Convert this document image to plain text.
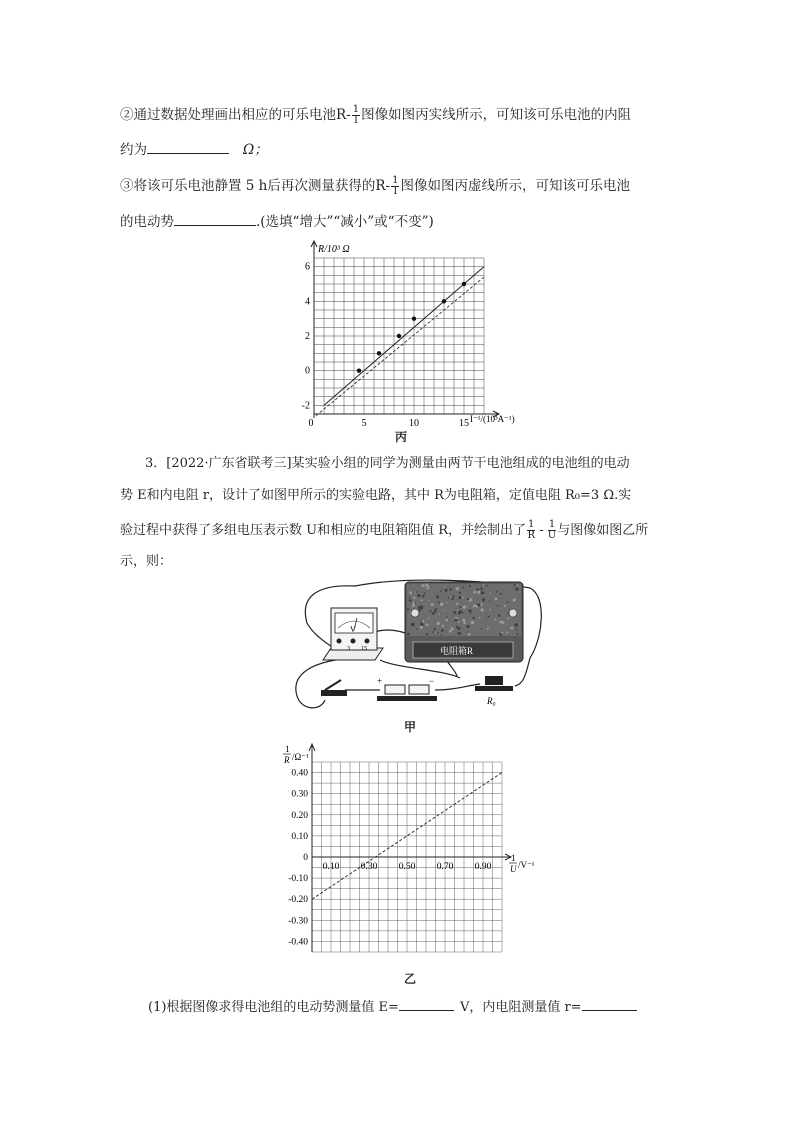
②通过数据处理画出相应的可乐电池$R- \frac{1}{I}$ 图像如图丙实线所示，可知该可乐电池的内阻
约为	Ω；
③将该可乐电池静置 5 h后再次测量获得的$R- \frac{1}{I}$ 图像如图丙虚线所示，可知该可乐电池
的电动势	.(选填“增大”“减小”或“不变”)
6
4
2
0
-2
0	5	10	15
R/10³ Ω
I⁻¹/(10³A⁻¹)
丙
3．[2022·广东省联考三]某实验小组的同学为测量由两节干电池组成的电池组的电动
势 E和内电阻 r，设计了如图甲所示的实验电路，其中 R为电阻箱，定值电阻 R₀=3 Ω.实
验过程中获得了多组电压表示数 U和相应的电阻箱阻值 R，并绘制出了 $\frac{1}{R} - \frac{1}{U}$ 与图像如图乙所
示，则：
V
3 15	电阻箱R
+	−
R₀
甲
0.40
0.30
0.20
0.10
0
-0.10
-0.20
-0.30
-0.40
0.10 0.30 0.50 0.70 0.90
1
R /Ω⁻¹
1
U /V⁻¹
乙
(1)根据图像求得电池组的电动势测量值 E=	V，内电阻测量值 r=
